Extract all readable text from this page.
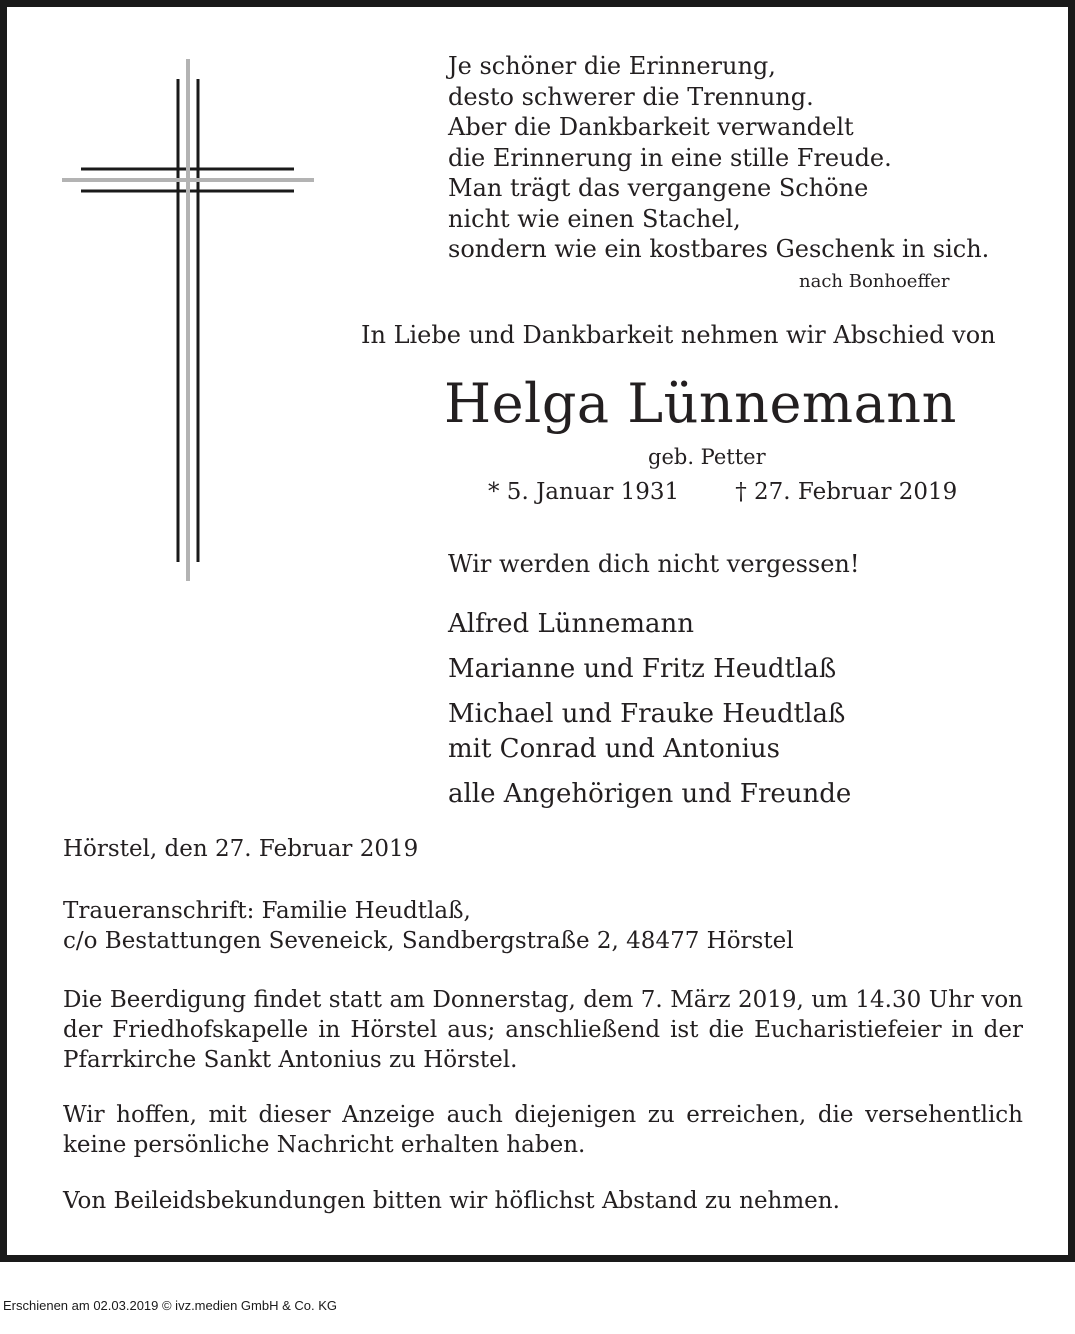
Je schöner die Erinnerung,
desto schwerer die Trennung.
Aber die Dankbarkeit verwandelt
die Erinnerung in eine stille Freude.
Man trägt das vergangene Schöne
nicht wie einen Stachel,
sondern wie ein kostbares Geschenk in sich.
nach Bonhoeffer
In Liebe und Dankbarkeit nehmen wir Abschied von
Helga Lünnemann
geb. Petter
* 5. Januar 1931 † 27. Februar 2019
Wir werden dich nicht vergessen!
Alfred Lünnemann
Marianne und Fritz Heudtlaß
Michael und Frauke Heudtlaß
mit Conrad und Antonius
alle Angehörigen und Freunde
Hörstel, den 27. Februar 2019
Traueranschrift: Familie Heudtlaß,
c/o Bestattungen Seveneick, Sandbergstraße 2, 48477 Hörstel
Die Beerdigung findet statt am Donnerstag, dem 7. März 2019, um 14.30 Uhr von der Friedhofskapelle in Hörstel aus; anschließend ist die Eucharistiefeier in der Pfarrkirche Sankt Antonius zu Hörstel.
Wir hoffen, mit dieser Anzeige auch diejenigen zu erreichen, die versehentlich keine persönliche Nachricht erhalten haben.
Von Beileidsbekundungen bitten wir höflichst Abstand zu nehmen.
Erschienen am 02.03.2019 © ivz.medien GmbH & Co. KG
